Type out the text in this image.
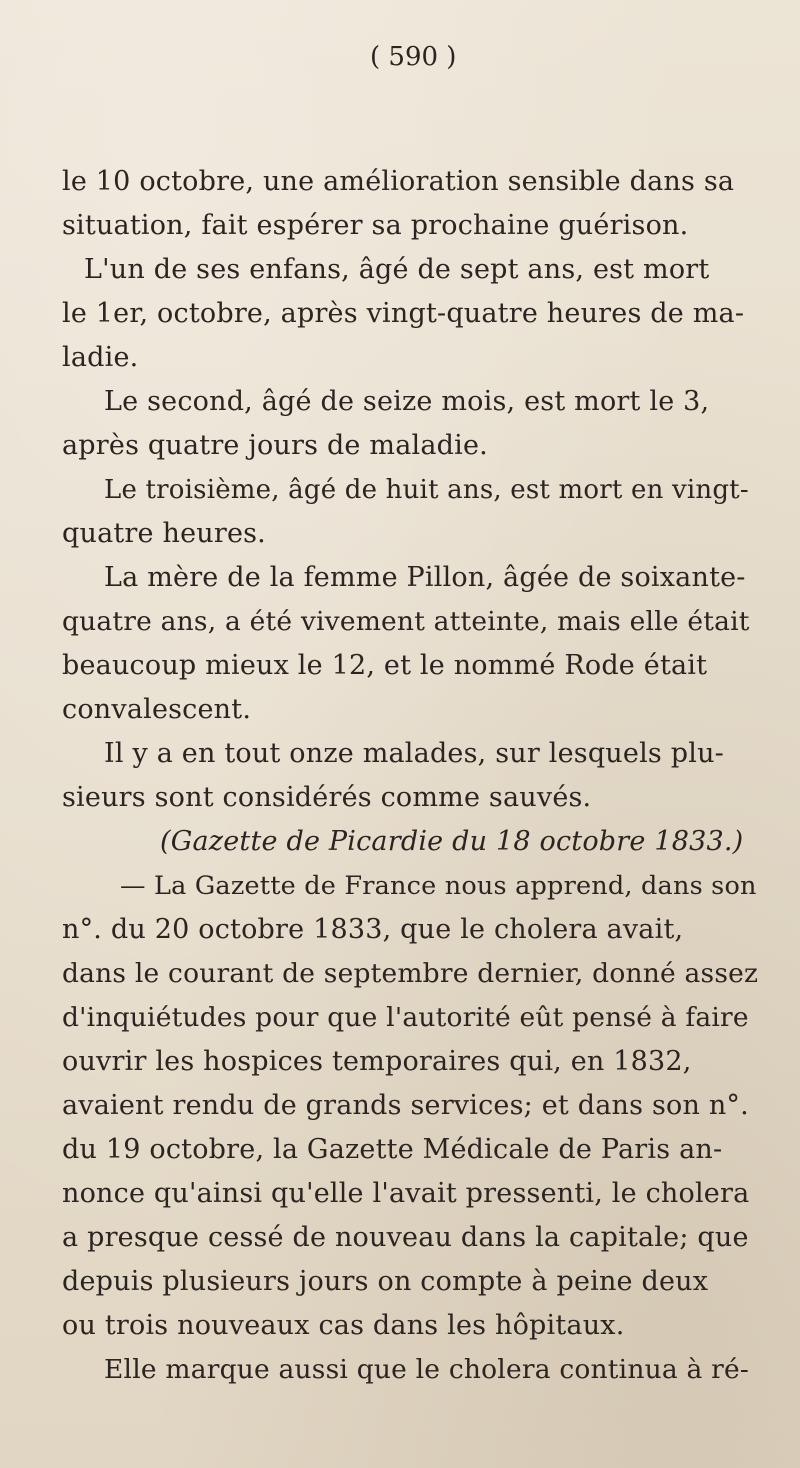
( 590 )
le 10 octobre, une amélioration sensible dans sa
situation, fait espérer sa prochaine guérison.
L'un de ses enfans, âgé de sept ans, est mort
le 1er, octobre, après vingt-quatre heures de ma-
ladie.
Le second, âgé de seize mois, est mort le 3,
après quatre jours de maladie.
Le troisième, âgé de huit ans, est mort en vingt-
quatre heures.
La mère de la femme Pillon, âgée de soixante-
quatre ans, a été vivement atteinte, mais elle était
beaucoup mieux le 12, et le nommé Rode était
convalescent.
Il y a en tout onze malades, sur lesquels plu-
sieurs sont considérés comme sauvés.
(Gazette de Picardie du 18 octobre 1833.)
— La Gazette de France nous apprend, dans son
n°. du 20 octobre 1833, que le cholera avait,
dans le courant de septembre dernier, donné assez
d'inquiétudes pour que l'autorité eût pensé à faire
ouvrir les hospices temporaires qui, en 1832,
avaient rendu de grands services; et dans son n°.
du 19 octobre, la Gazette Médicale de Paris an-
nonce qu'ainsi qu'elle l'avait pressenti, le cholera
a presque cessé de nouveau dans la capitale; que
depuis plusieurs jours on compte à peine deux
ou trois nouveaux cas dans les hôpitaux.
Elle marque aussi que le cholera continua à ré-
